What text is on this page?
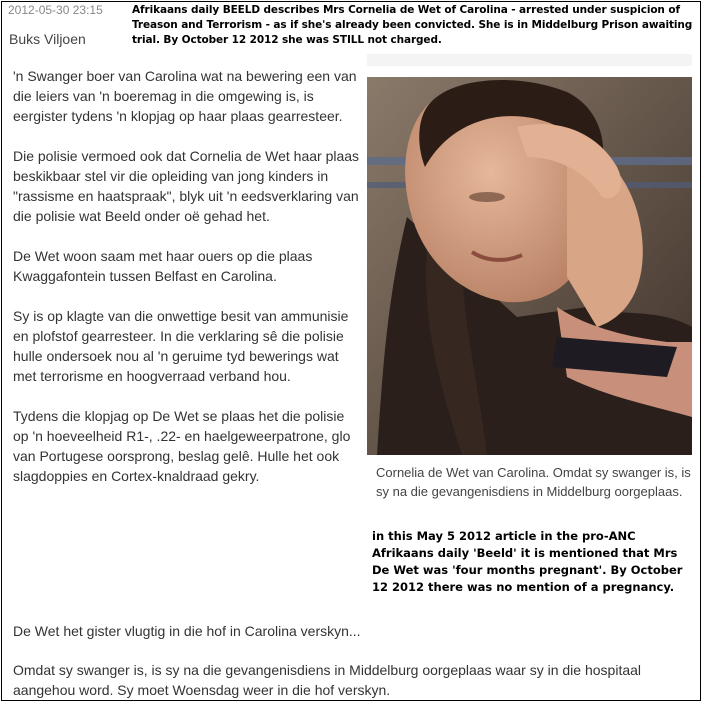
2012-05-30 23:15
Buks Viljoen
Afrikaans daily BEELD describes Mrs Cornelia de Wet of Carolina - arrested under suspicion of Treason and Terrorism - as if she's already been convicted. She is in Middelburg Prison awaiting trial. By October 12 2012 she was STILL not charged.

'n Swanger boer van Carolina wat na bewering een van die leiers van 'n boeremag in die omgewing is, is eergister tydens 'n klopjag op haar plaas gearresteer.

Die polisie vermoed ook dat Cornelia de Wet haar plaas beskikbaar stel vir die opleiding van jong kinders in "rassisme en haatspraak", blyk uit 'n eedsverklaring van die polisie wat Beeld onder oë gehad het.

De Wet woon saam met haar ouers op die plaas Kwaggafontein tussen Belfast en Carolina.

Sy is op klagte van die onwettige besit van ammunisie en plofstof gearresteer. In die verklaring sê die polisie hulle ondersoek nou al 'n geruime tyd bewerings wat met terrorisme en hoogverraad verband hou.

Tydens die klopjag op De Wet se plaas het die polisie op 'n hoeveelheid R1-, .22- en haelgeweerpatrone, glo van Portugese oorsprong, beslag gelê. Hulle het ook slagdoppies en Cortex-knaldraad gekry.

De Wet het gister vlugtig in die hof in Carolina verskyn...

Omdat sy swanger is, is sy na die gevangenisdiens in Middelburg oorgeplaas waar sy in die hospitaal aangehou word. Sy moet Woensdag weer in die hof verskyn.

Cornelia de Wet van Carolina. Omdat sy swanger is, is sy na die gevangenisdiens in Middelburg oorgeplaas.
in this May 5 2012 article in the pro-ANC Afrikaans daily 'Beeld' it is mentioned that Mrs De Wet was 'four months pregnant'. By October 12 2012 there was no mention of a pregnancy.
